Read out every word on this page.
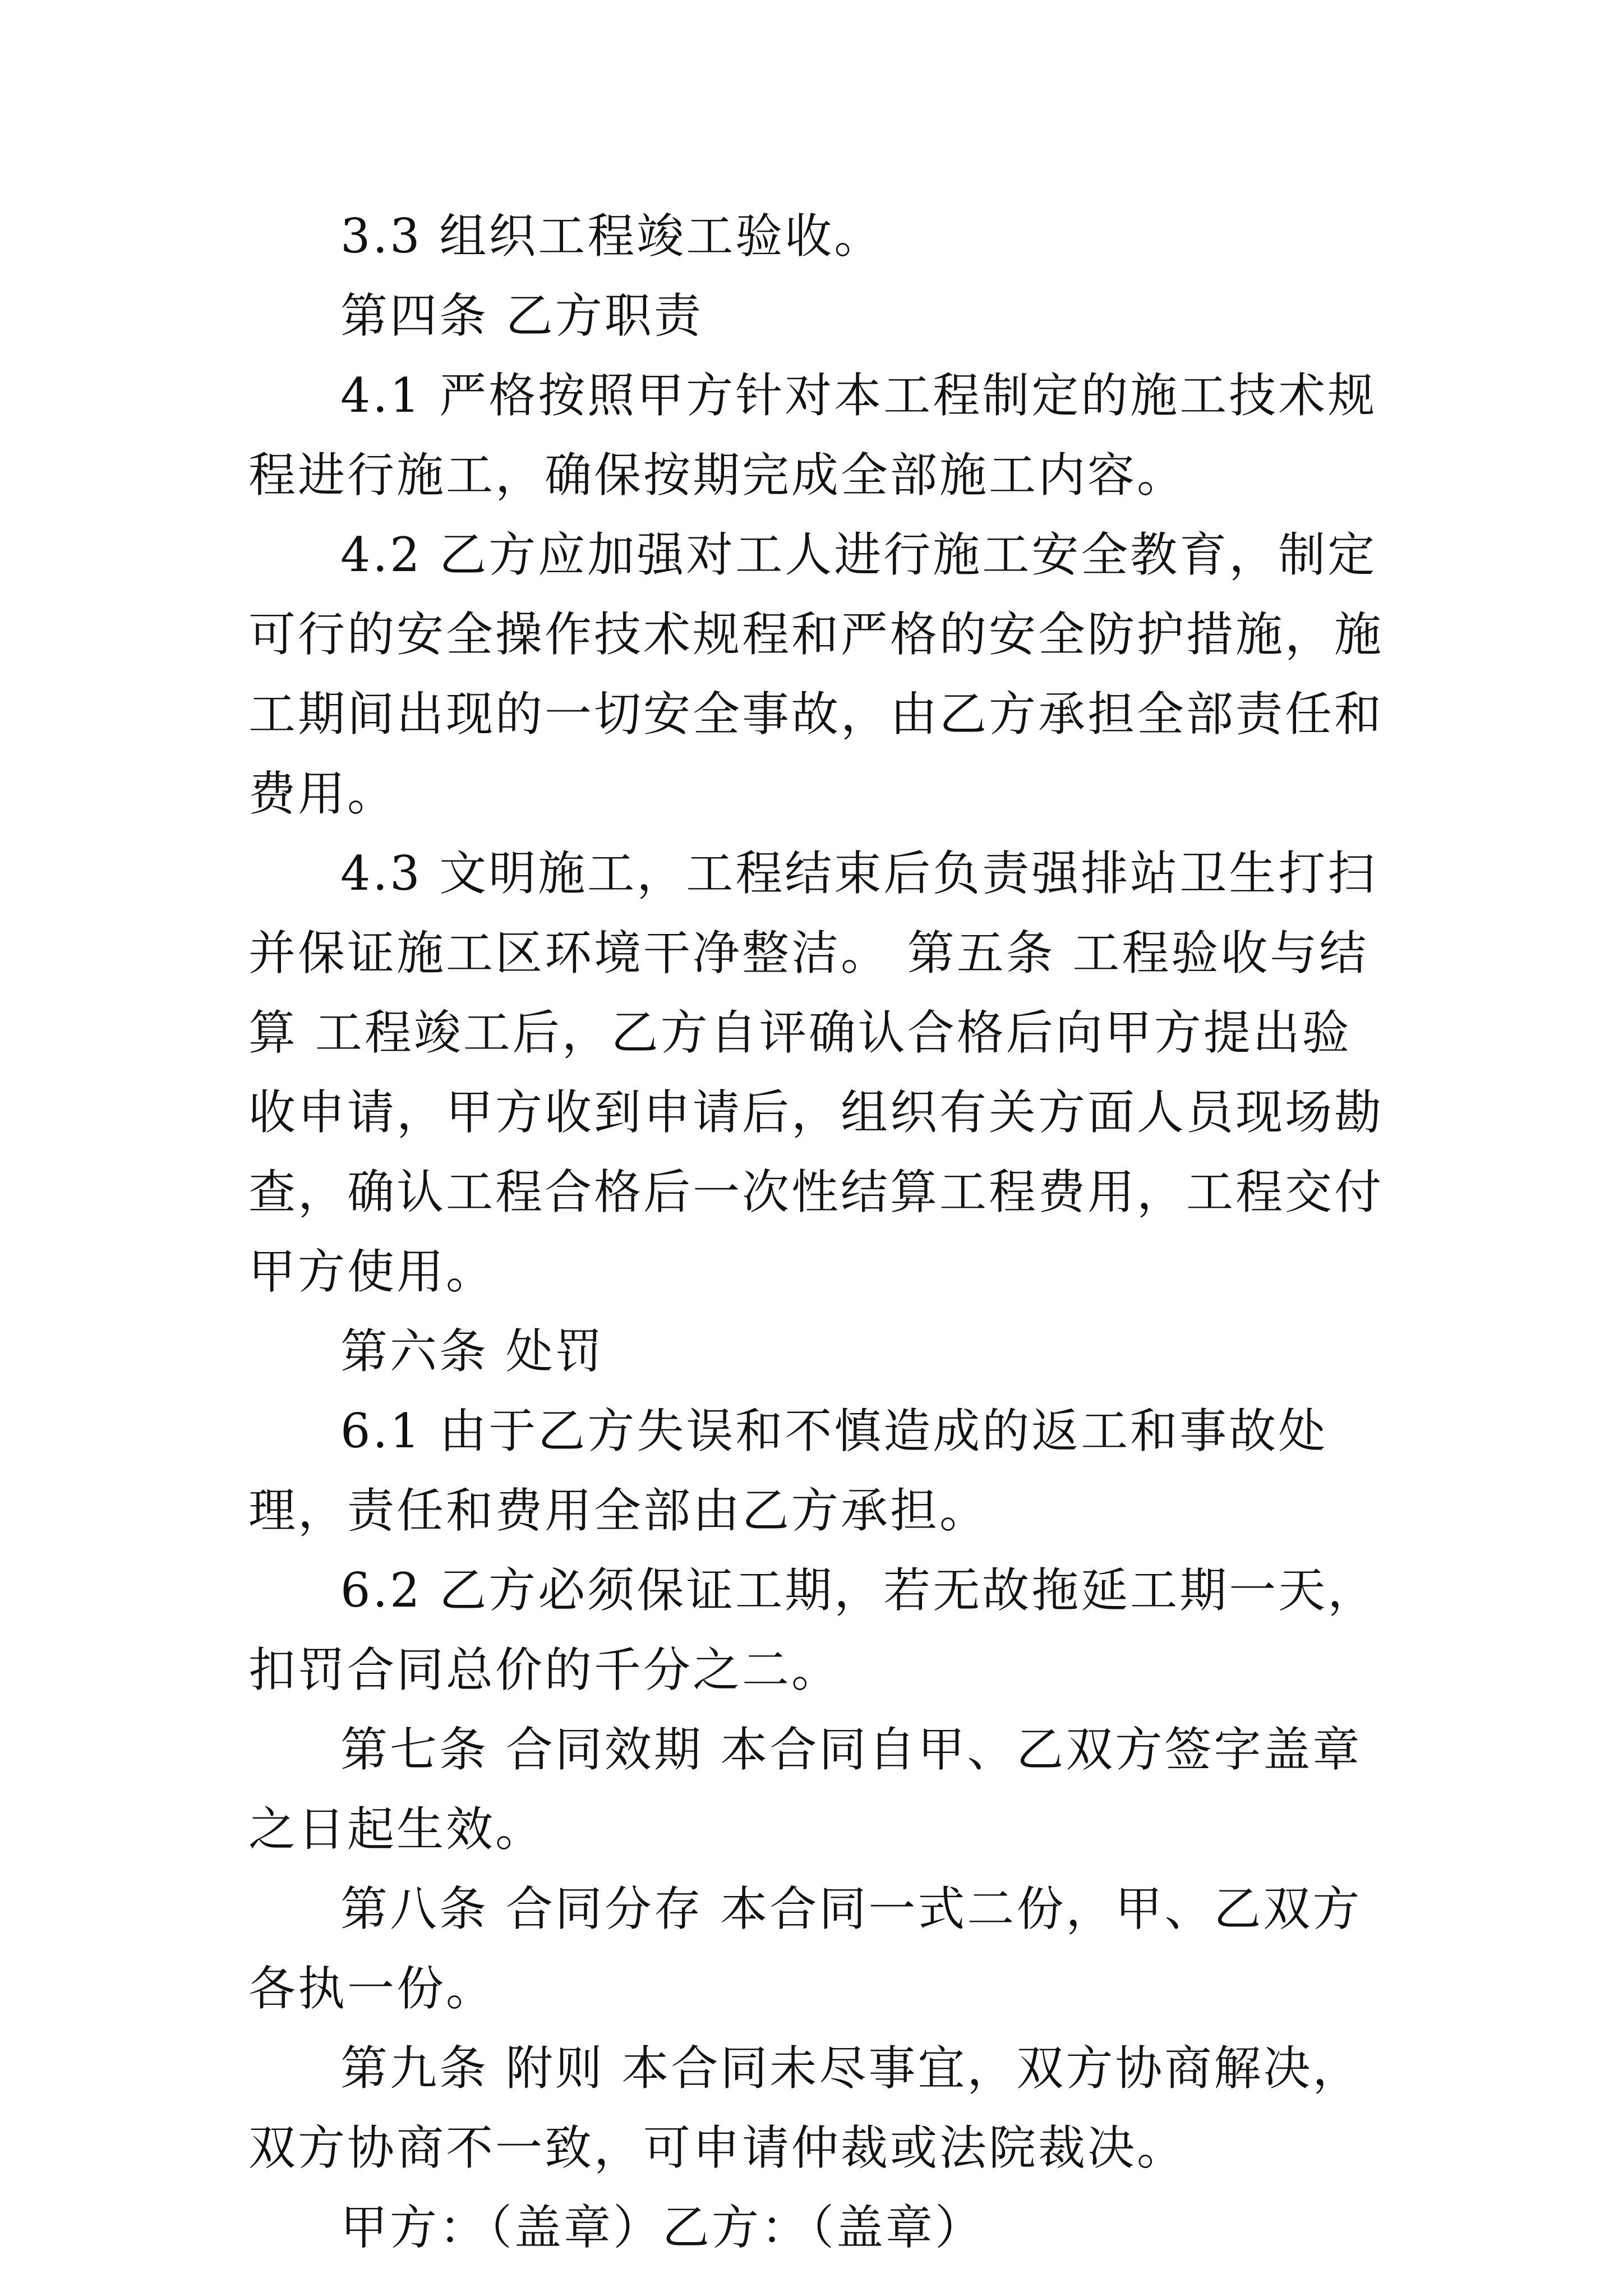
3.3 组织工程竣工验收。

第四条 乙方职责

4.1 严格按照甲方针对本工程制定的施工技术规程进行施工，确保按期完成全部施工内容。

4.2 乙方应加强对工人进行施工安全教育，制定可行的安全操作技术规程和严格的安全防护措施，施工期间出现的一切安全事故，由乙方承担全部责任和费用。

4.3 文明施工，工程结束后负责强排站卫生打扫并保证施工区环境干净整洁。 第五条 工程验收与结算 工程竣工后，乙方自评确认合格后向甲方提出验收申请，甲方收到申请后，组织有关方面人员现场勘查，确认工程合格后一次性结算工程费用，工程交付甲方使用。

第六条 处罚

6.1 由于乙方失误和不慎造成的返工和事故处理，责任和费用全部由乙方承担。

6.2 乙方必须保证工期，若无故拖延工期一天，扣罚合同总价的千分之二。

第七条 合同效期 本合同自甲、乙双方签字盖章之日起生效。

第八条 合同分存 本合同一式二份，甲、乙双方各执一份。

第九条 附则 本合同未尽事宜，双方协商解决，双方协商不一致，可申请仲裁或法院裁决。

甲方：（盖章）乙方：（盖章）
